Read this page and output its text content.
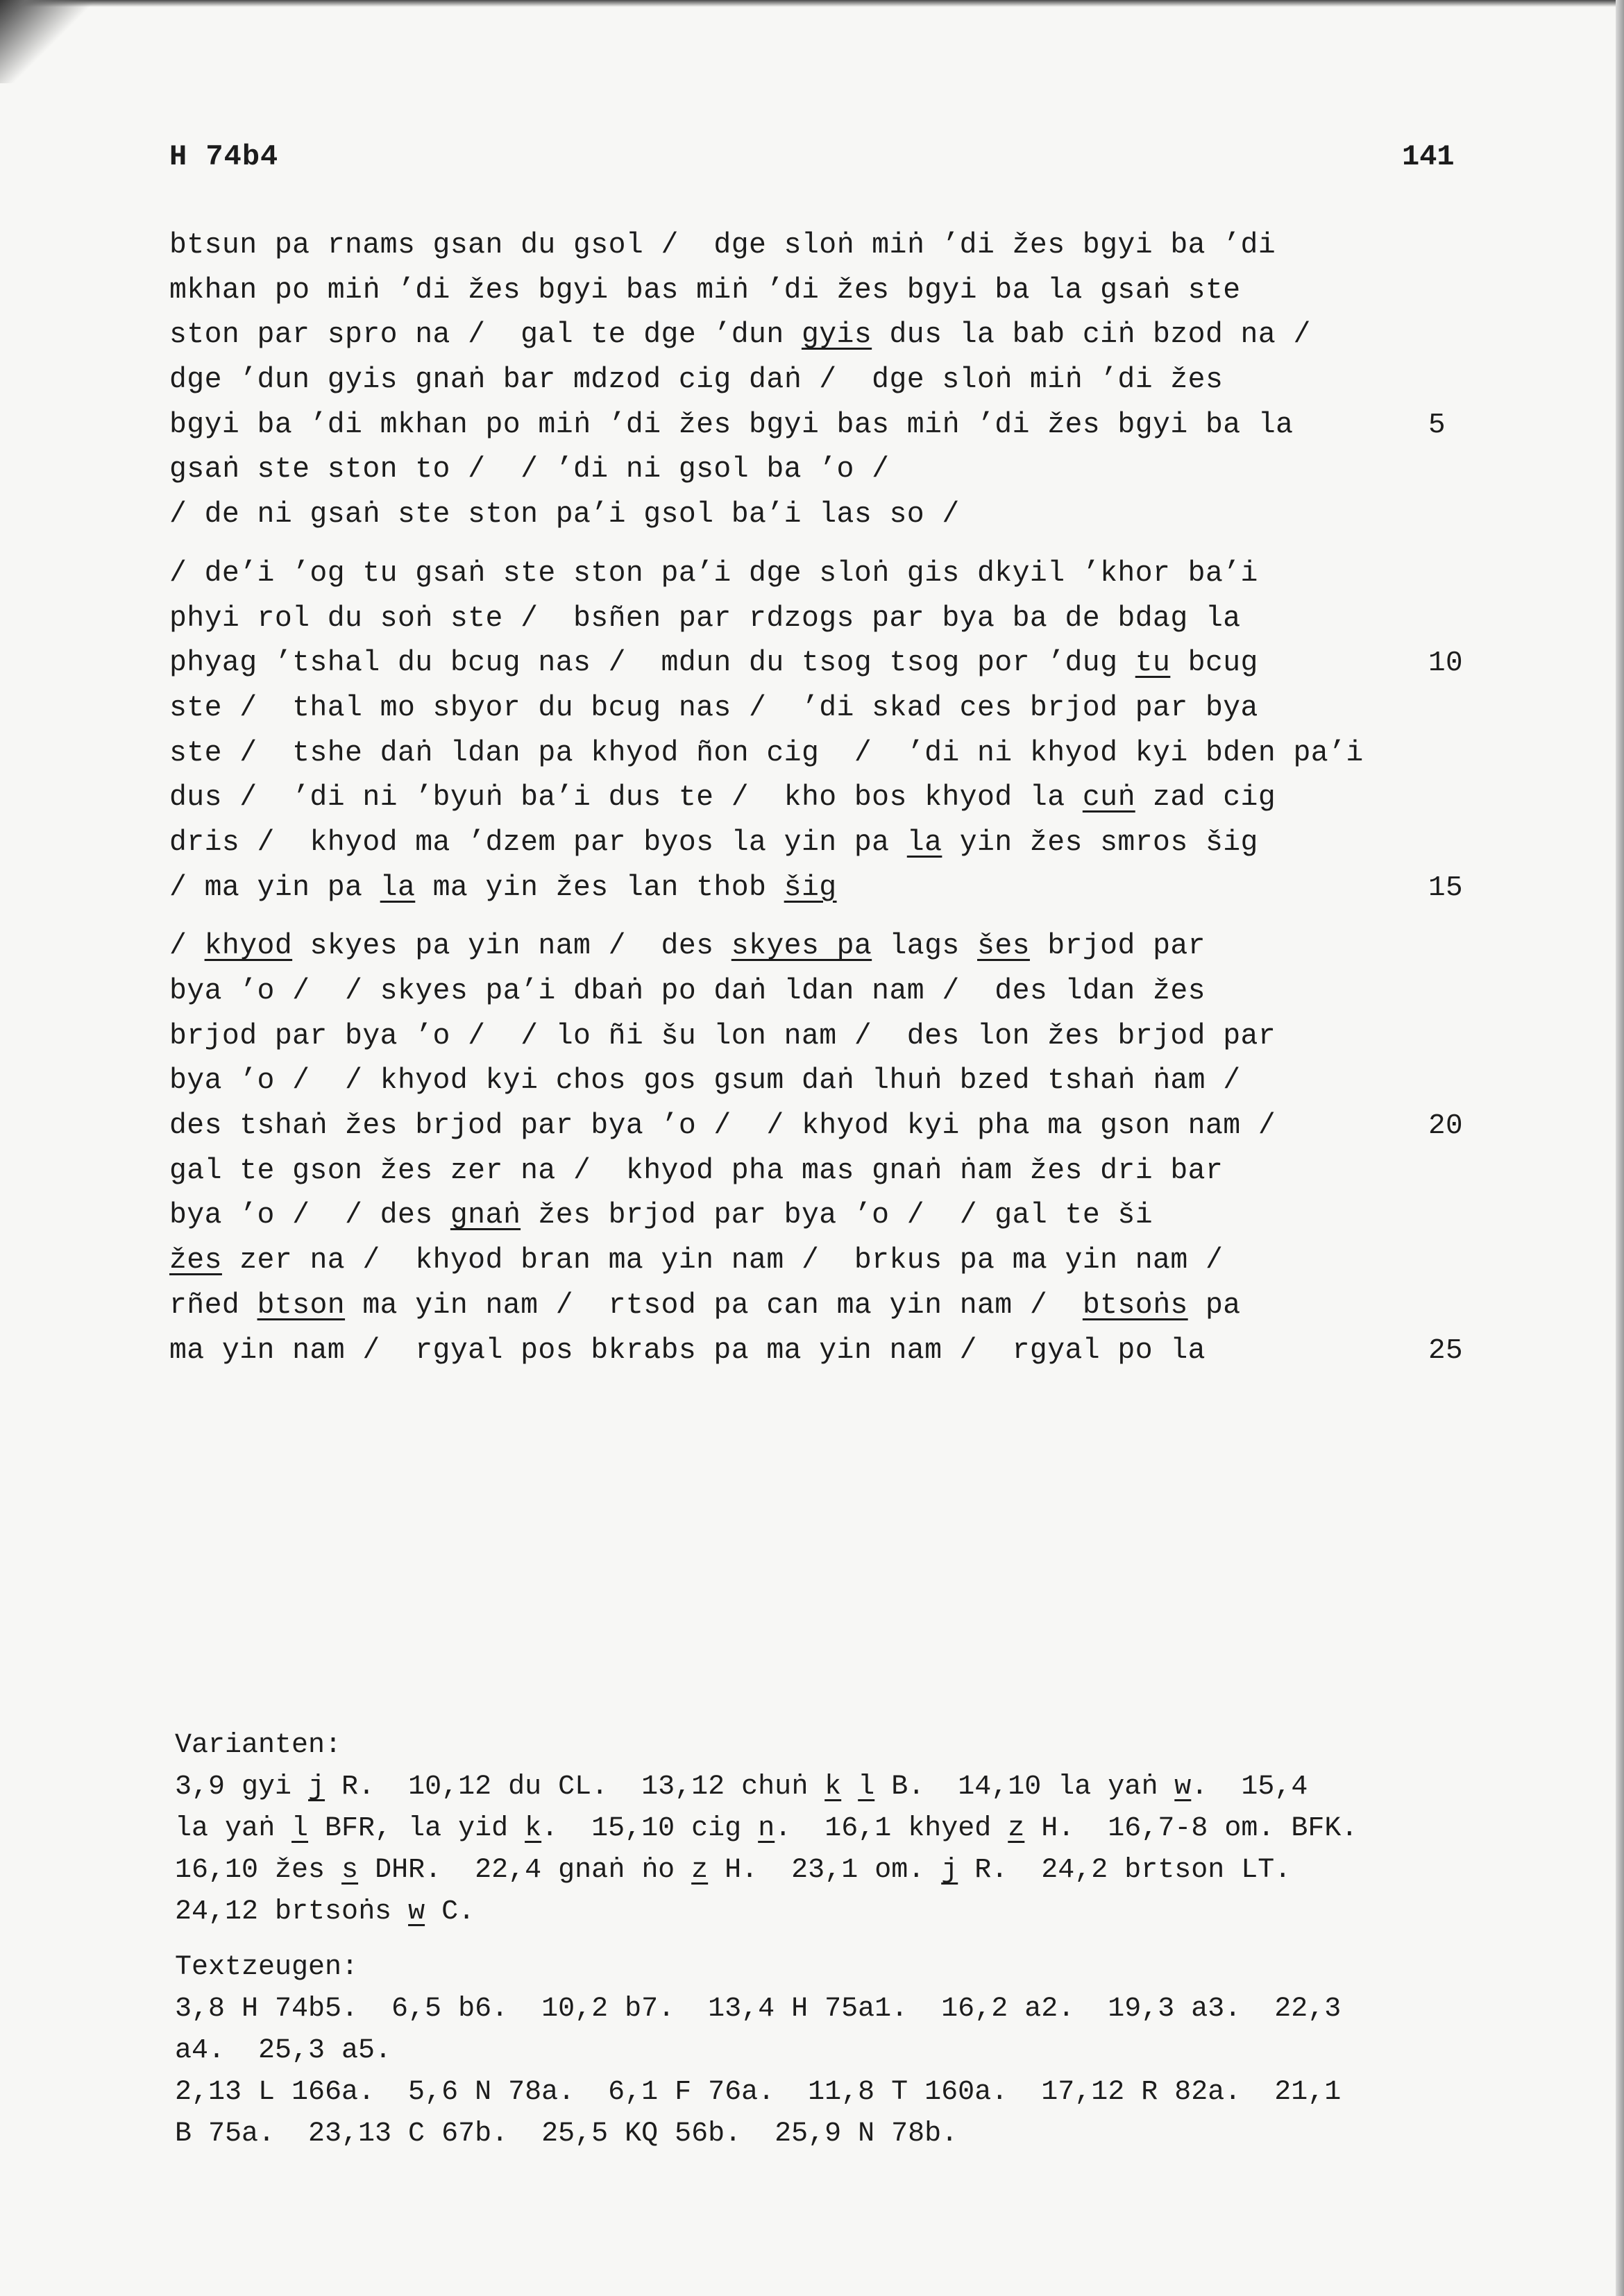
H 74b4	141
btsun pa rnams gsan du gsol /  dge sloṅ miṅ ’di žes bgyi ba ’di
mkhan po miṅ ’di žes bgyi bas miṅ ’di žes bgyi ba la gsaṅ ste
ston par spro na /  gal te dge ’dun gyis dus la bab ciṅ bzod na /
dge ’dun gyis gnaṅ bar mdzod cig daṅ /  dge sloṅ miṅ ’di žes
bgyi ba ’di mkhan po miṅ ’di žes bgyi bas miṅ ’di žes bgyi ba la	5
gsaṅ ste ston to /  / ’di ni gsol ba ’o /
/ de ni gsaṅ ste ston pa’i gsol ba’i las so /
/ de’i ’og tu gsaṅ ste ston pa’i dge sloṅ gis dkyil ’khor ba’i
phyi rol du soṅ ste /  bsñen par rdzogs par bya ba de bdag la
phyag ’tshal du bcug nas /  mdun du tsog tsog por ’dug tu bcug	10
ste /  thal mo sbyor du bcug nas /  ’di skad ces brjod par bya
ste /  tshe daṅ ldan pa khyod ñon cig  /  ’di ni khyod kyi bden pa’i
dus /  ’di ni ’byuṅ ba’i dus te /  kho bos khyod la cuṅ zad cig
dris /  khyod ma ’dzem par byos la yin pa la yin žes smros šig
/ ma yin pa la ma yin žes lan thob šig	15
/ khyod skyes pa yin nam /  des skyes pa lags šes brjod par
bya ’o /  / skyes pa’i dbaṅ po daṅ ldan nam /  des ldan žes
brjod par bya ’o /  / lo ñi šu lon nam /  des lon žes brjod par
bya ’o /  / khyod kyi chos gos gsum daṅ lhuṅ bzed tshaṅ ṅam /
des tshaṅ žes brjod par bya ’o /  / khyod kyi pha ma gson nam /	20
gal te gson žes zer na /  khyod pha mas gnaṅ ṅam žes dri bar
bya ’o /  / des gnaṅ žes brjod par bya ’o /  / gal te ši
žes zer na /  khyod bran ma yin nam /  brkus pa ma yin nam /
rñed btson ma yin nam /  rtsod pa can ma yin nam /  btsoṅs pa
ma yin nam /  rgyal pos bkrabs pa ma yin nam /  rgyal po la	25
Varianten:
3,9 gyi j R.  10,12 du CL.  13,12 chuṅ k l B.  14,10 la yaṅ w.  15,4
la yaṅ l BFR, la yid k.  15,10 cig n.  16,1 khyed z H.  16,7-8 om. BFK.
16,10 žes s DHR.  22,4 gnaṅ ṅo z H.  23,1 om. j R.  24,2 brtson LT.
24,12 brtsoṅs w C.
Textzeugen:
3,8 H 74b5.  6,5 b6.  10,2 b7.  13,4 H 75a1.  16,2 a2.  19,3 a3.  22,3
a4.  25,3 a5.
2,13 L 166a.  5,6 N 78a.  6,1 F 76a.  11,8 T 160a.  17,12 R 82a.  21,1
B 75a.  23,13 C 67b.  25,5 KQ 56b.  25,9 N 78b.
